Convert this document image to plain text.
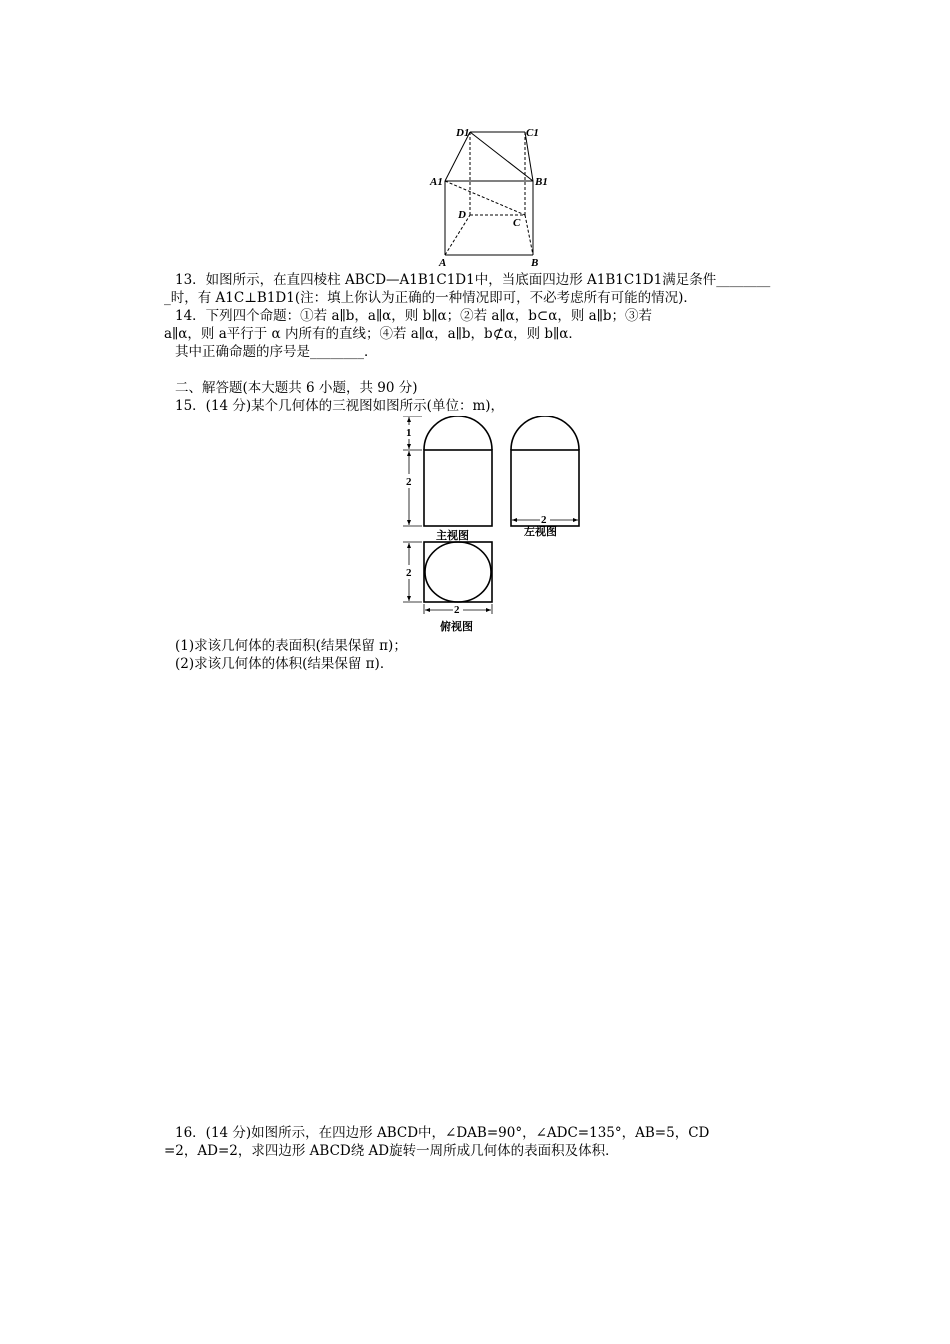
D1	C1
A1	B1
D
C
A	B
　　13．如图所示，在直四棱柱 ABCD—A1B1C1D1中，当底面四边形 A1B1C1D1满足条件________
_时，有 A1C⊥B1D1(注：填上你认为正确的一种情况即可，不必考虑所有可能的情况)．
　　14．下列四个命题：①若 a∥b，a∥α，则 b∥α；②若 a∥α，b⊂α，则 a∥b；③若
a∥α，则 a平行于 α 内所有的直线；④若 a∥α，a∥b，b⊄α，则 b∥α．
　　其中正确命题的序号是________．
　　二、解答题(本大题共 6 小题，共 90 分)
　　15．(14 分)某个几何体的三视图如图所示(单位：m)，
1
2
2
2
2
主视图	左视图
俯视图
　　(1)求该几何体的表面积(结果保留 π)；
　　(2)求该几何体的体积(结果保留 π)．
　　16．(14 分)如图所示，在四边形 ABCD中，∠DAB=90°，∠ADC=135°，AB=5，CD
=2，AD=2，求四边形 ABCD绕 AD旋转一周所成几何体的表面积及体积．
